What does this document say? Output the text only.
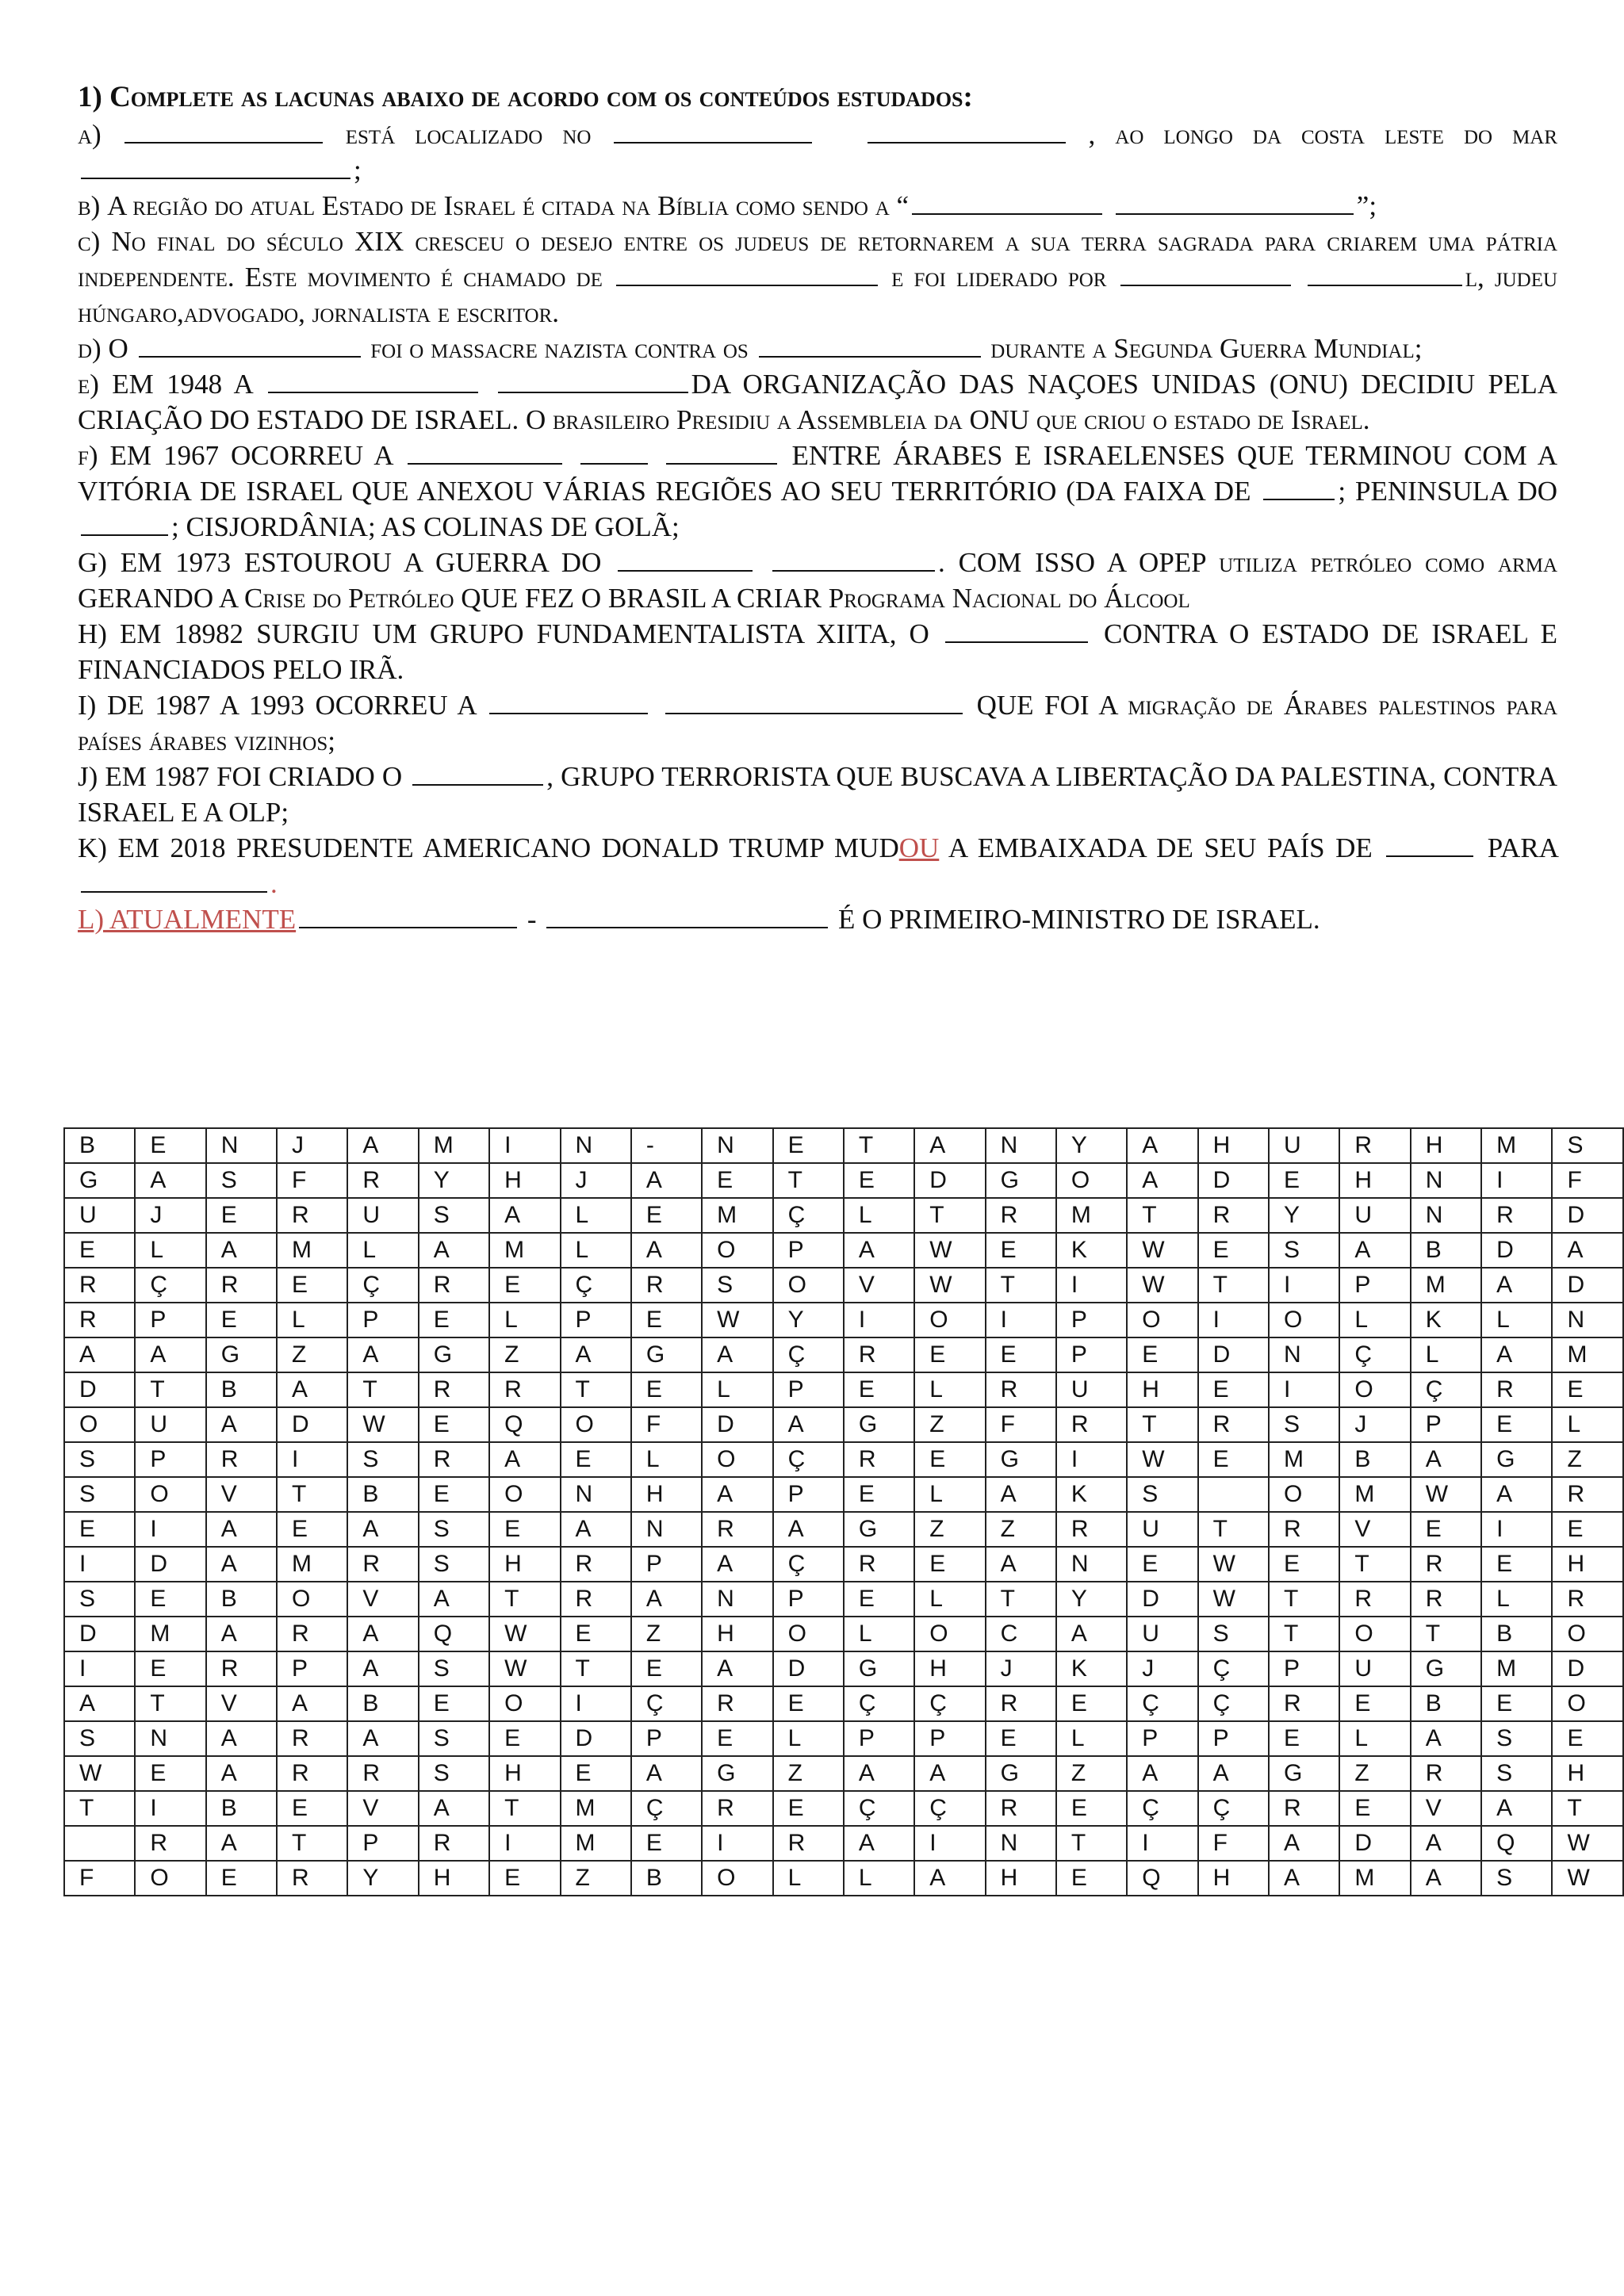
1) Complete as lacunas abaixo de acordo com os conteúdos estudados:
a)	está localizado no	, ao longo da costa leste do mar ;
b) A região do atual Estado de Israel é citada na Bíblia como sendo a “	”;
c) No final do século XIX cresceu o desejo entre os judeus de retornarem a sua terra sagrada para criarem uma pátria independente. Este movimento é chamado de	e foi liderado por	l, judeu húngaro,advogado, jornalista e escritor.
d) O	foi o massacre nazista contra os	durante a Segunda Guerra Mundial;
e) EM 1948 A	DA ORGANIZAÇÃO DAS NAÇOES UNIDAS (ONU) DECIDIU PELA CRIAÇÃO DO ESTADO DE ISRAEL. O brasileiro Presidiu a Assembleia da ONU que criou o estado de Israel.
f) EM 1967 OCORREU A	ENTRE ÁRABES E ISRAELENSES QUE TERMINOU COM A VITÓRIA DE ISRAEL QUE ANEXOU VÁRIAS REGIÕES AO SEU TERRITÓRIO (DA FAIXA DE	; PENINSULA DO ; CISJORDÂNIA; AS COLINAS DE GOLÃ;
G) EM 1973 ESTOUROU A GUERRA DO	. COM ISSO A OPEP utiliza petróleo como arma GERANDO A Crise do Petróleo QUE FEZ O BRASIL A CRIAR Programa Nacional do Álcool
H) EM 18982 SURGIU UM GRUPO FUNDAMENTALISTA XIITA, O	CONTRA O ESTADO DE ISRAEL E FINANCIADOS PELO IRÃ.
I) DE 1987 A 1993 OCORREU A	QUE FOI A migração de Árabes palestinos para países árabes vizinhos;
J) EM 1987 FOI CRIADO O	, GRUPO TERRORISTA QUE BUSCAVA A LIBERTAÇÃO DA PALESTINA, CONTRA ISRAEL E A OLP;
K) EM 2018 PRESUDENTE AMERICANO DONALD TRUMP MUDOU A EMBAIXADA DE SEU PAÍS DE	PARA .
L) ATUALMENTE	-	É O PRIMEIRO-MINISTRO DE ISRAEL.
B	E	N	J	A	M	I	N	-	N	E	T	A	N	Y	A	H	U	R	H	M	S
G	A	S	F	R	Y	H	J	A	E	T	E	D	G	O	A	D	E	H	N	I	F
U	J	E	R	U	S	A	L	E	M	Ç	L	T	R	M	T	R	Y	U	N	R	D
E	L	A	M	L	A	M	L	A	O	P	A	W	E	K	W	E	S	A	B	D	A
R	Ç	R	E	Ç	R	E	Ç	R	S	O	V	W	T	I	W	T	I	P	M	A	D
R	P	E	L	P	E	L	P	E	W	Y	I	O	I	P	O	I	O	L	K	L	N
A	A	G	Z	A	G	Z	A	G	A	Ç	R	E	E	P	E	D	N	Ç	L	A	M
D	T	B	A	T	R	R	T	E	L	P	E	L	R	U	H	E	I	O	Ç	R	E
O	U	A	D	W	E	Q	O	F	D	A	G	Z	F	R	T	R	S	J	P	E	L
S	P	R	I	S	R	A	E	L	O	Ç	R	E	G	I	W	E	M	B	A	G	Z
S	O	V	T	B	E	O	N	H	A	P	E	L	A	K	S		O	M	W	A	R
E	I	A	E	A	S	E	A	N	R	A	G	Z	Z	R	U	T	R	V	E	I	E
I	D	A	M	R	S	H	R	P	A	Ç	R	E	A	N	E	W	E	T	R	E	H
S	E	B	O	V	A	T	R	A	N	P	E	L	T	Y	D	W	T	R	R	L	R
D	M	A	R	A	Q	W	E	Z	H	O	L	O	C	A	U	S	T	O	T	B	O
I	E	R	P	A	S	W	T	E	A	D	G	H	J	K	J	Ç	P	U	G	M	D
A	T	V	A	B	E	O	I	Ç	R	E	Ç	Ç	R	E	Ç	Ç	R	E	B	E	O
S	N	A	R	A	S	E	D	P	E	L	P	P	E	L	P	P	E	L	A	S	E
W	E	A	R	R	S	H	E	A	G	Z	A	A	G	Z	A	A	G	Z	R	S	H
T	I	B	E	V	A	T	M	Ç	R	E	Ç	Ç	R	E	Ç	Ç	R	E	V	A	T
	R	A	T	P	R	I	M	E	I	R	A	I	N	T	I	F	A	D	A	Q	W
F	O	E	R	Y	H	E	Z	B	O	L	L	A	H	E	Q	H	A	M	A	S	W
